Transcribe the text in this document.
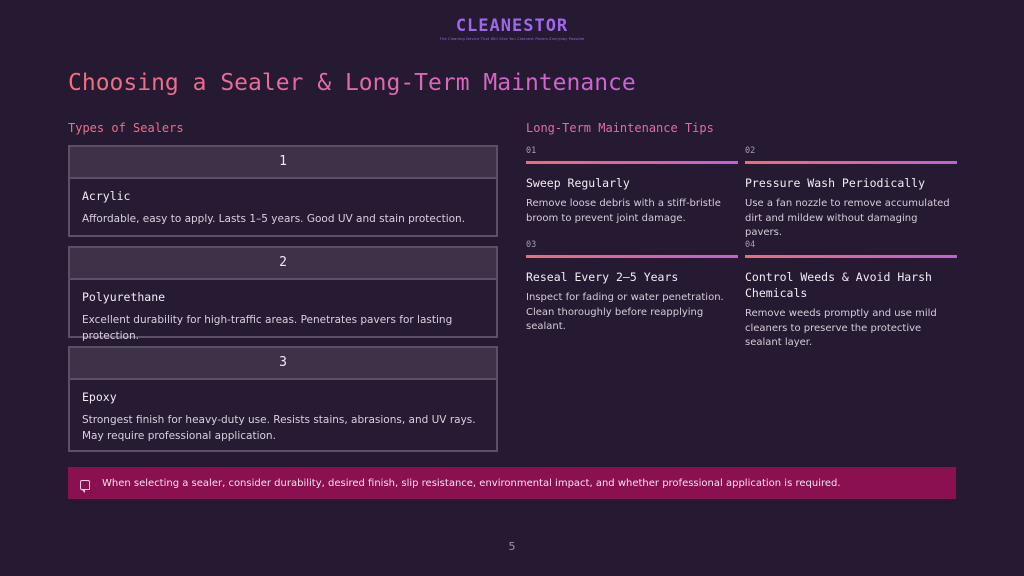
CLEANESTOR
The Cleaning Device That Will Give You Cleanest Pavers Everyday Possible
Choosing a Sealer & Long-Term Maintenance
Types of Sealers	Long-Term Maintenance Tips
1
Acrylic
Affordable, easy to apply. Lasts 1–5 years. Good UV and stain protection.
2
Polyurethane
Excellent durability for high-traffic areas. Penetrates pavers for lasting protection.
3
Epoxy
Strongest finish for heavy-duty use. Resists stains, abrasions, and UV rays. May require professional application.
01
Sweep Regularly
Remove loose debris with a stiff-bristle broom to prevent joint damage.
02
Pressure Wash Periodically
Use a fan nozzle to remove accumulated dirt and mildew without damaging pavers.
03
Reseal Every 2–5 Years
Inspect for fading or water penetration. Clean thoroughly before reapplying sealant.
04
Control Weeds & Avoid Harsh Chemicals
Remove weeds promptly and use mild cleaners to preserve the protective sealant layer.
When selecting a sealer, consider durability, desired finish, slip resistance, environmental impact, and whether professional application is required.
5
